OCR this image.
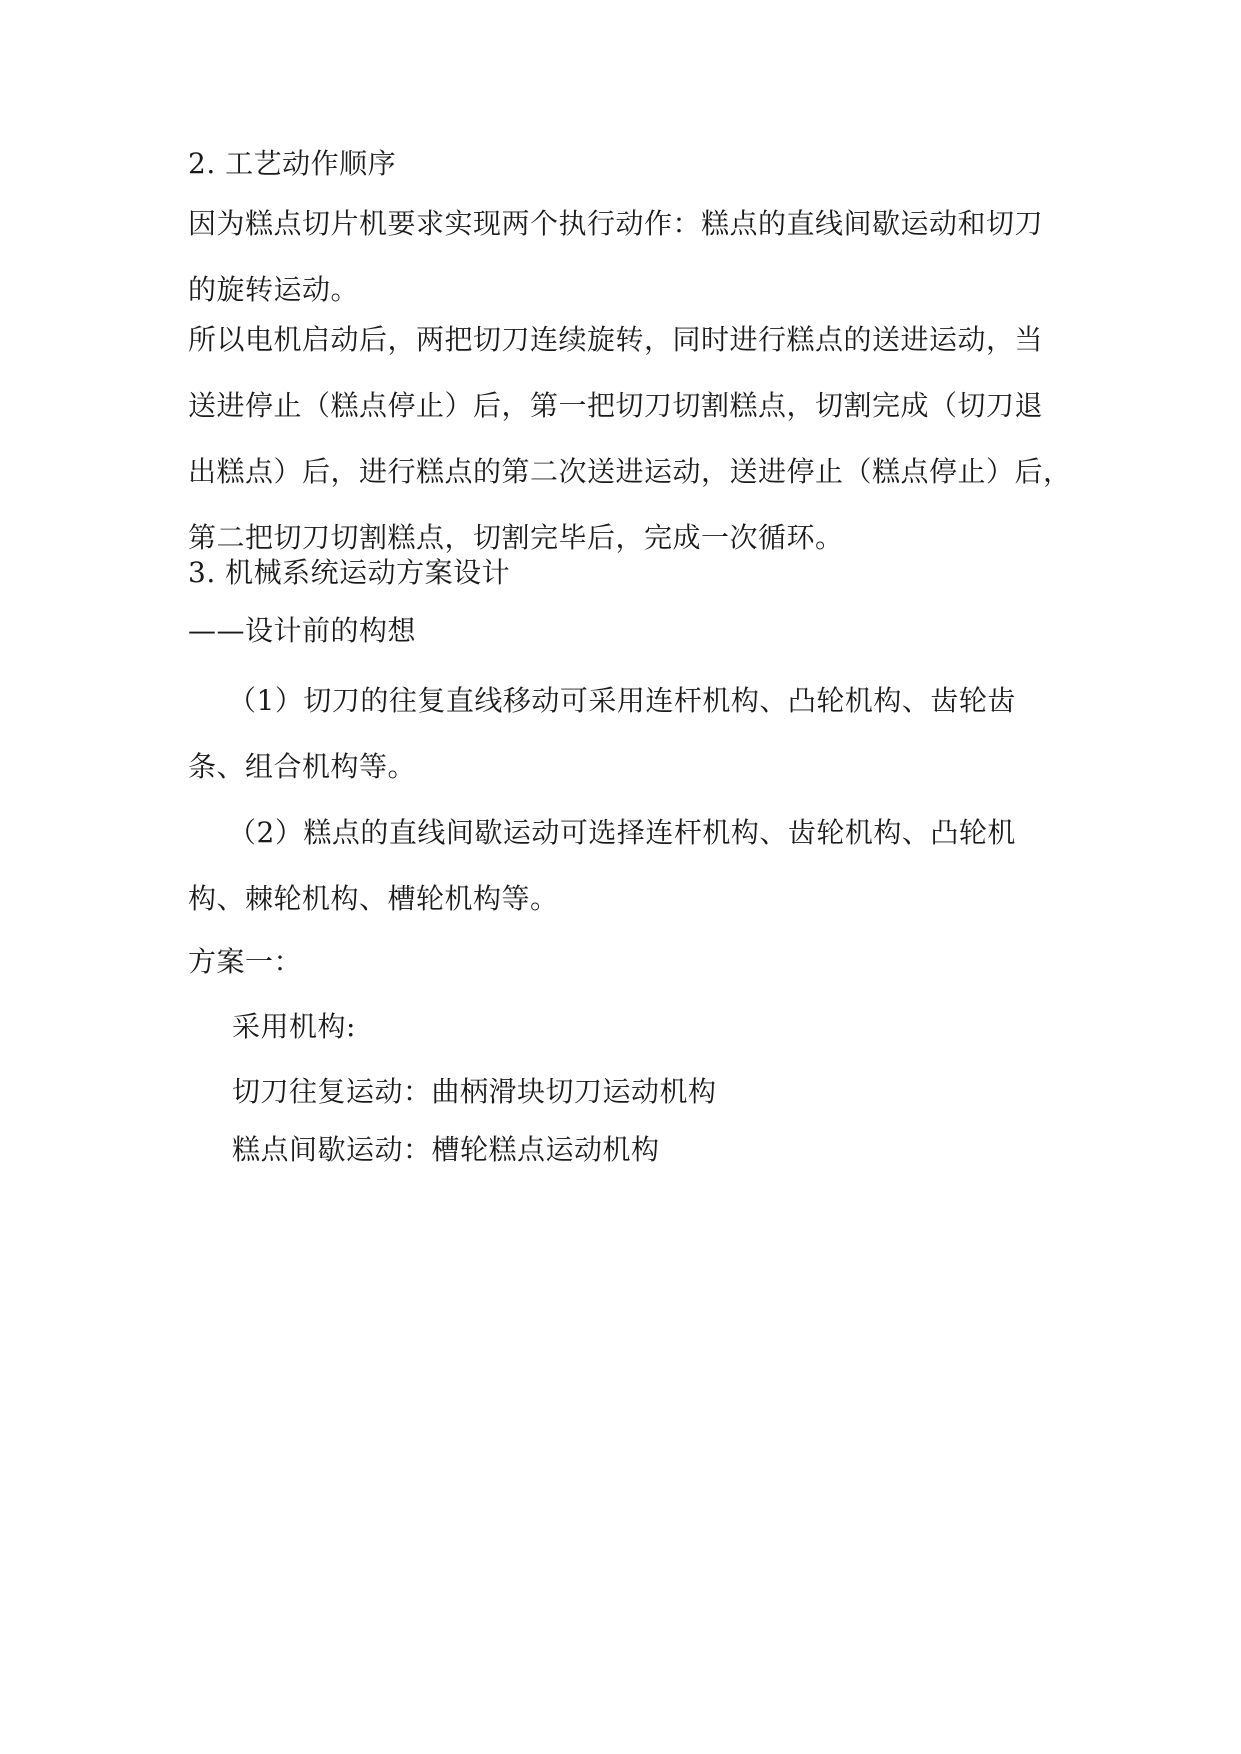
2. 工艺动作顺序

因为糕点切片机要求实现两个执行动作：糕点的直线间歇运动和切刀
的旋转运动。
所以电机启动后，两把切刀连续旋转，同时进行糕点的送进运动，当
送进停止（糕点停止）后，第一把切刀切割糕点，切割完成（切刀退
出糕点）后，进行糕点的第二次送进运动，送进停止（糕点停止）后，
第二把切刀切割糕点，切割完毕后，完成一次循环。

3. 机械系统运动方案设计

——设计前的构想

（1）切刀的往复直线移动可采用连杆机构、凸轮机构、齿轮齿
条、组合机构等。
（2）糕点的直线间歇运动可选择连杆机构、齿轮机构、凸轮机
构、棘轮机构、槽轮机构等。

方案一：

采用机构:

切刀往复运动：曲柄滑块切刀运动机构

糕点间歇运动：槽轮糕点运动机构
